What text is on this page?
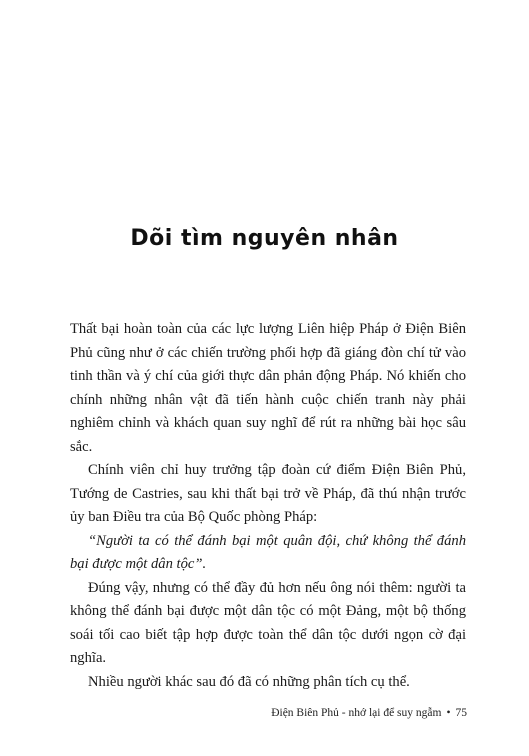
Dõi tìm nguyên nhân

Thất bại hoàn toàn của các lực lượng Liên hiệp Pháp ở Điện Biên Phủ cũng như ở các chiến trường phối hợp đã giáng đòn chí tử vào tinh thần và ý chí của giới thực dân phản động Pháp. Nó khiến cho chính những nhân vật đã tiến hành cuộc chiến tranh này phải nghiêm chỉnh và khách quan suy nghĩ để rút ra những bài học sâu sắc.

Chính viên chỉ huy trưởng tập đoàn cứ điểm Điện Biên Phủ, Tướng de Castries, sau khi thất bại trở về Pháp, đã thú nhận trước ủy ban Điều tra của Bộ Quốc phòng Pháp:

“Người ta có thể đánh bại một quân đội, chứ không thể đánh bại được một dân tộc”.

Đúng vậy, nhưng có thể đầy đủ hơn nếu ông nói thêm: người ta không thể đánh bại được một dân tộc có một Đảng, một bộ thống soái tối cao biết tập hợp được toàn thể dân tộc dưới ngọn cờ đại nghĩa.

Nhiều người khác sau đó đã có những phân tích cụ thể.

Điện Biên Phủ - nhớ lại để suy ngẫm • 75
